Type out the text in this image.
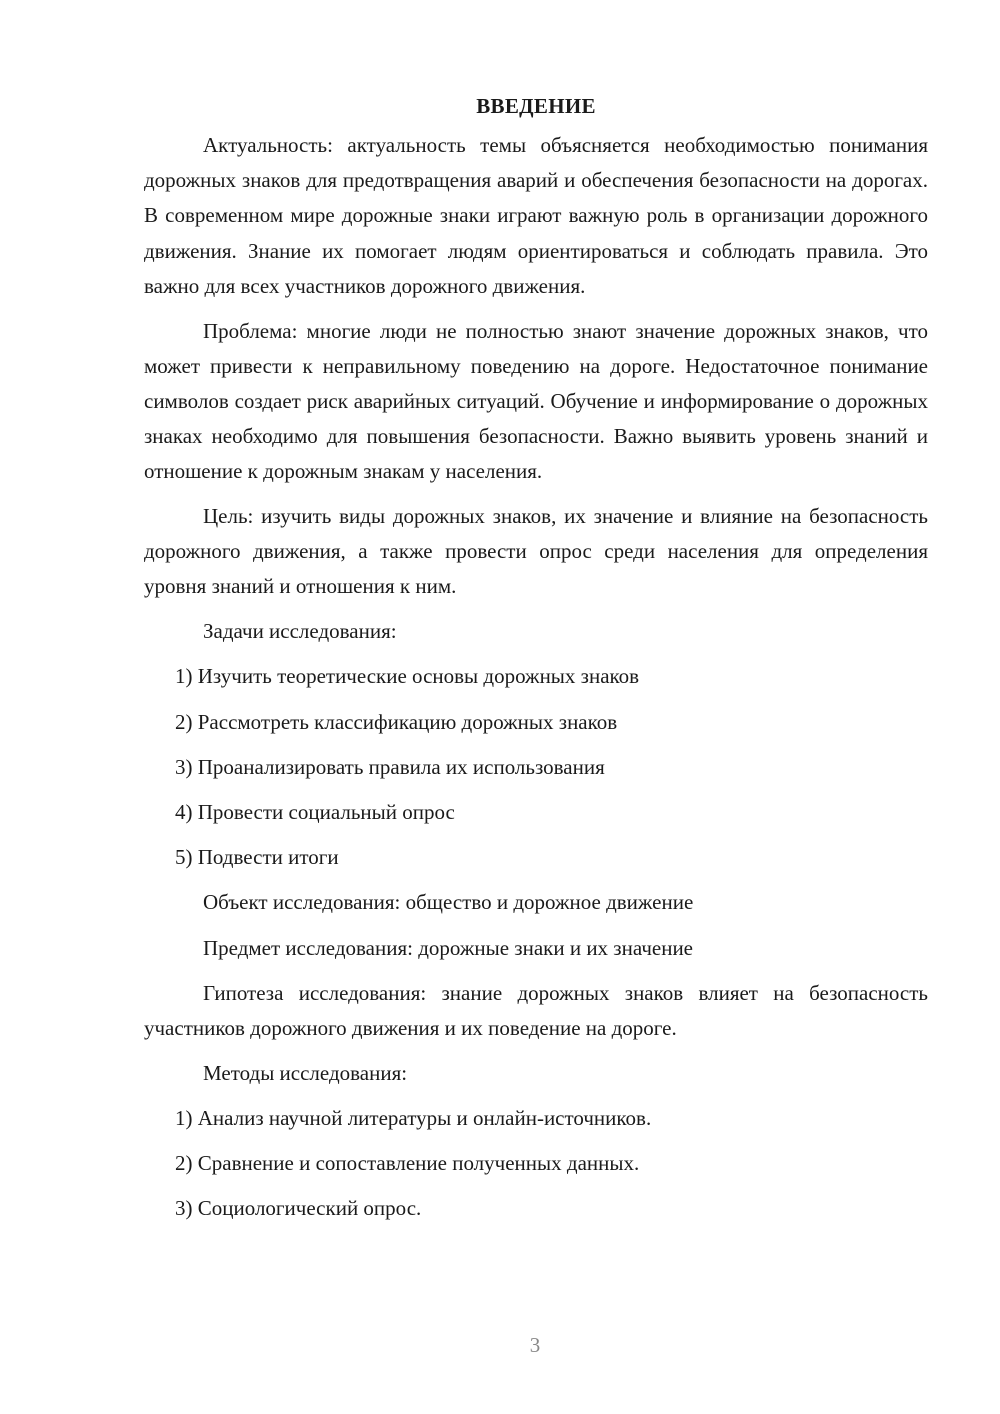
ВВЕДЕНИЕ

Актуальность: актуальность темы объясняется необходимостью понимания дорожных знаков для предотвращения аварий и обеспечения безопасности на дорогах. В современном мире дорожные знаки играют важную роль в организации дорожного движения. Знание их помогает людям ориентироваться и соблюдать правила. Это важно для всех участников дорожного движения.

Проблема: многие люди не полностью знают значение дорожных знаков, что может привести к неправильному поведению на дороге. Недостаточное понимание символов создает риск аварийных ситуаций. Обучение и информирование о дорожных знаках необходимо для повышения безопасности. Важно выявить уровень знаний и отношение к дорожным знакам у населения.

Цель: изучить виды дорожных знаков, их значение и влияние на безопасность дорожного движения, а также провести опрос среди населения для определения уровня знаний и отношения к ним.

Задачи исследования:
1) Изучить теоретические основы дорожных знаков
2) Рассмотреть классификацию дорожных знаков
3) Проанализировать правила их использования
4) Провести социальный опрос
5) Подвести итоги
Объект исследования: общество и дорожное движение
Предмет исследования: дорожные знаки и их значение

Гипотеза исследования: знание дорожных знаков влияет на безопасность участников дорожного движения и их поведение на дороге.

Методы исследования:
1) Анализ научной литературы и онлайн-источников.
2) Сравнение и сопоставление полученных данных.
3) Социологический опрос.
3
